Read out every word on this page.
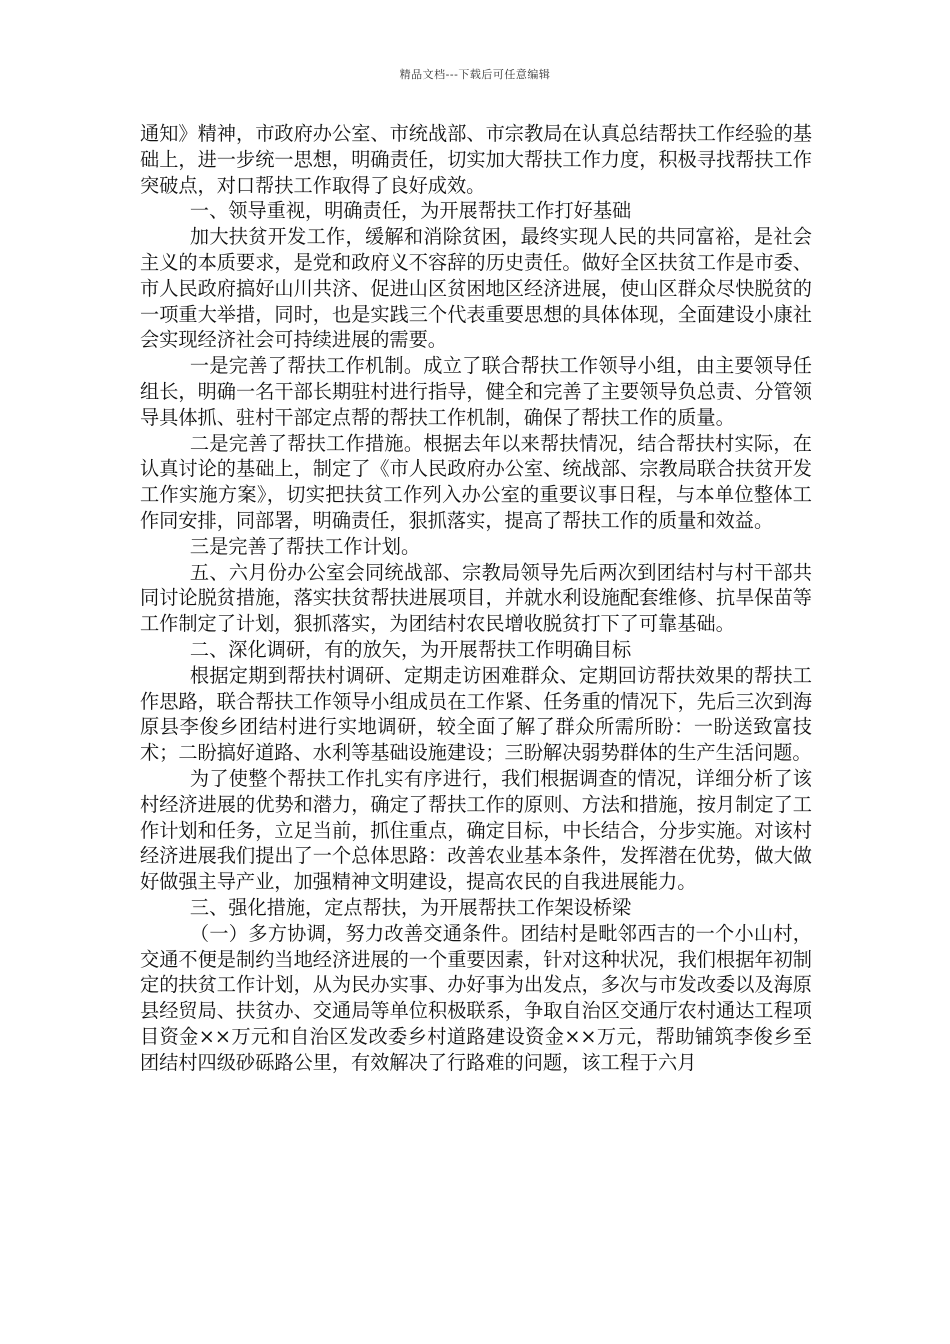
精品文档---下载后可任意编辑

通知》精神，市政府办公室、市统战部、市宗教局在认真总结帮扶工作经验的基础上，进一步统一思想，明确责任，切实加大帮扶工作力度，积极寻找帮扶工作突破点，对口帮扶工作取得了良好成效。

一、领导重视，明确责任，为开展帮扶工作打好基础

加大扶贫开发工作，缓解和消除贫困，最终实现人民的共同富裕，是社会主义的本质要求，是党和政府义不容辞的历史责任。做好全区扶贫工作是市委、市人民政府搞好山川共济、促进山区贫困地区经济进展，使山区群众尽快脱贫的一项重大举措，同时，也是实践三个代表重要思想的具体体现，全面建设小康社会实现经济社会可持续进展的需要。

一是完善了帮扶工作机制。成立了联合帮扶工作领导小组，由主要领导任组长，明确一名干部长期驻村进行指导，健全和完善了主要领导负总责、分管领导具体抓、驻村干部定点帮的帮扶工作机制，确保了帮扶工作的质量。

二是完善了帮扶工作措施。根据去年以来帮扶情况，结合帮扶村实际，在认真讨论的基础上，制定了《市人民政府办公室、统战部、宗教局联合扶贫开发工作实施方案》，切实把扶贫工作列入办公室的重要议事日程，与本单位整体工作同安排，同部署，明确责任，狠抓落实，提高了帮扶工作的质量和效益。

三是完善了帮扶工作计划。

五、六月份办公室会同统战部、宗教局领导先后两次到团结村与村干部共同讨论脱贫措施，落实扶贫帮扶进展项目，并就水利设施配套维修、抗旱保苗等工作制定了计划，狠抓落实，为团结村农民增收脱贫打下了可靠基础。

二、深化调研，有的放矢，为开展帮扶工作明确目标

根据定期到帮扶村调研、定期走访困难群众、定期回访帮扶效果的帮扶工作思路，联合帮扶工作领导小组成员在工作紧、任务重的情况下，先后三次到海原县李俊乡团结村进行实地调研，较全面了解了群众所需所盼：一盼送致富技术；二盼搞好道路、水利等基础设施建设；三盼解决弱势群体的生产生活问题。

为了使整个帮扶工作扎实有序进行，我们根据调查的情况，详细分析了该村经济进展的优势和潜力，确定了帮扶工作的原则、方法和措施，按月制定了工作计划和任务，立足当前，抓住重点，确定目标，中长结合，分步实施。对该村经济进展我们提出了一个总体思路：改善农业基本条件，发挥潜在优势，做大做好做强主导产业，加强精神文明建设，提高农民的自我进展能力。

三、强化措施，定点帮扶，为开展帮扶工作架设桥梁

（一）多方协调，努力改善交通条件。团结村是毗邻西吉的一个小山村，交通不便是制约当地经济进展的一个重要因素，针对这种状况，我们根据年初制定的扶贫工作计划，从为民办实事、办好事为出发点，多次与市发改委以及海原县经贸局、扶贫办、交通局等单位积极联系，争取自治区交通厅农村通达工程项目资金××万元和自治区发改委乡村道路建设资金××万元，帮助铺筑李俊乡至团结村四级砂砾路公里，有效解决了行路难的问题，该工程于六月
